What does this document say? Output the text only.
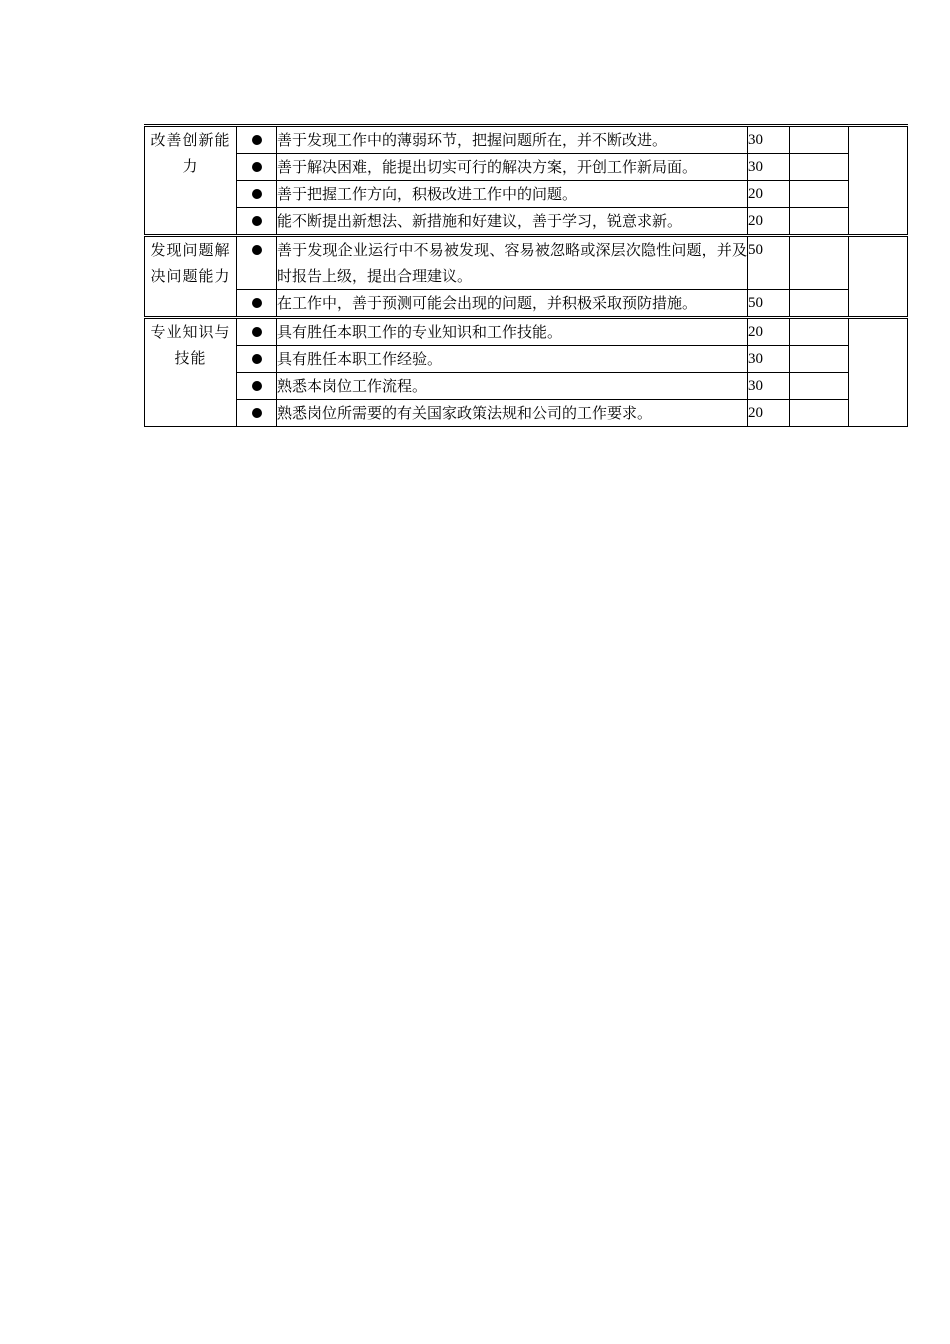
改善创新能力		善于发现工作中的薄弱环节，把握问题所在，并不断改进。	30		
		善于解决困难，能提出切实可行的解决方案，开创工作新局面。	30		
		善于把握工作方向，积极改进工作中的问题。	20		
		能不断提出新想法、新措施和好建议，善于学习，锐意求新。	20		
发现问题解决问题能力		善于发现企业运行中不易被发现、容易被忽略或深层次隐性问题，并及时报告上级，提出合理建议。	50		
		在工作中，善于预测可能会出现的问题，并积极采取预防措施。	50		
专业知识与技能		具有胜任本职工作的专业知识和工作技能。	20		
		具有胜任本职工作经验。	30		
		熟悉本岗位工作流程。	30		
		熟悉岗位所需要的有关国家政策法规和公司的工作要求。	20		
